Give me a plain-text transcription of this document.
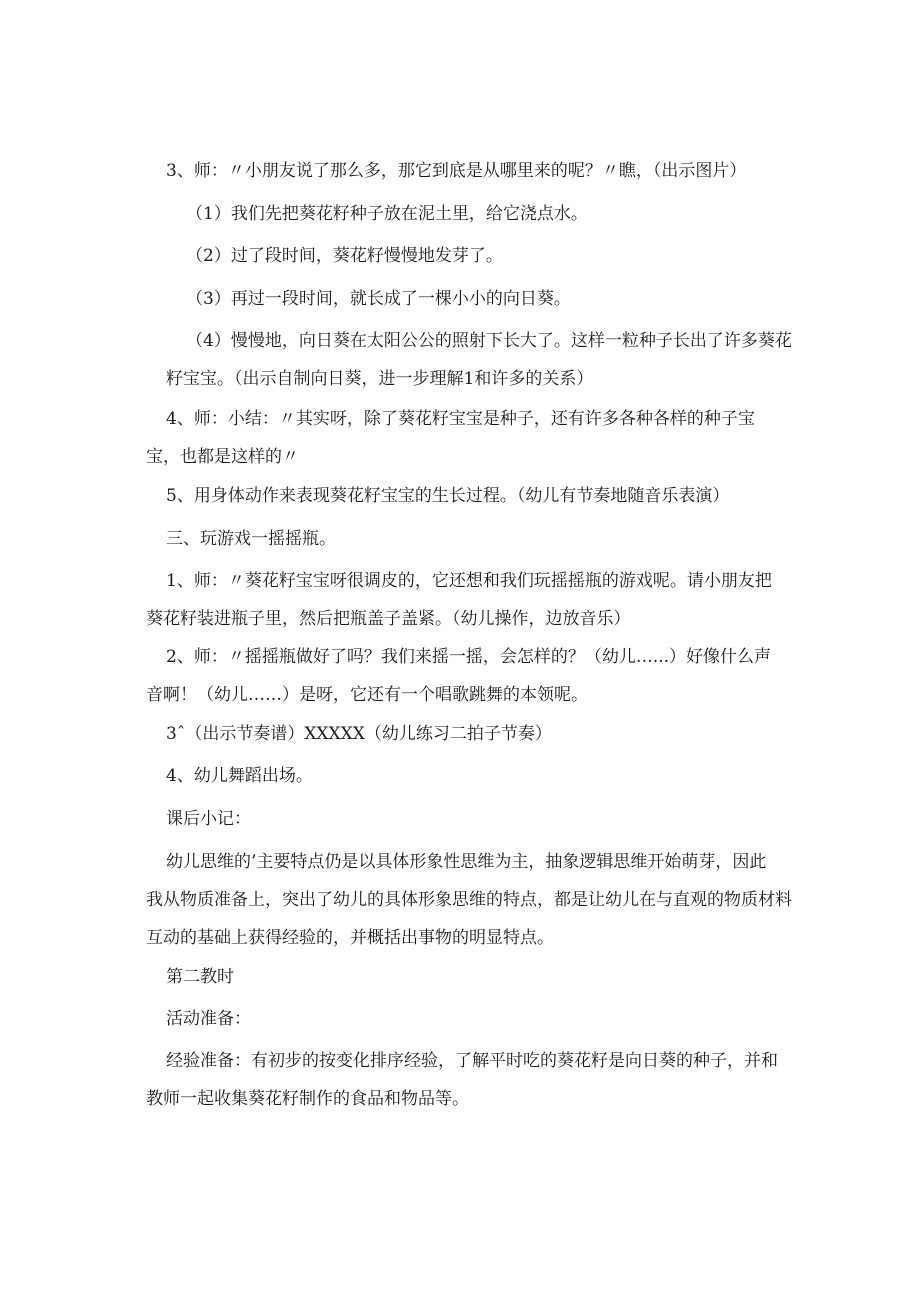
3、师：〃小朋友说了那么多，那它到底是从哪里来的呢？〃瞧，（出示图片）

（1）我们先把葵花籽种子放在泥土里，给它浇点水。

（2）过了段时间，葵花籽慢慢地发芽了。

（3）再过一段时间，就长成了一棵小小的向日葵。

（4）慢慢地，向日葵在太阳公公的照射下长大了。这样一粒种子长出了许多葵花
籽宝宝。（出示自制向日葵，进一步理解1和许多的关系）

4、师：小结：〃其实呀，除了葵花籽宝宝是种子，还有许多各种各样的种子宝
宝，也都是这样的〃

5、用身体动作来表现葵花籽宝宝的生长过程。（幼儿有节奏地随音乐表演）

三、玩游戏一摇摇瓶。

1、师：〃葵花籽宝宝呀很调皮的，它还想和我们玩摇摇瓶的游戏呢。请小朋友把
葵花籽装进瓶子里，然后把瓶盖子盖紧。（幼儿操作，边放音乐）

2、师：〃摇摇瓶做好了吗？我们来摇一摇，会怎样的？（幼儿…...）好像什么声
音啊！（幼儿……）是呀，它还有一个唱歌跳舞的本领呢。

3ˆ（出示节奏谱）XXXXX（幼儿练习二拍子节奏）

4、幼儿舞蹈出场。

课后小记：

幼儿思维的’主要特点仍是以具体形象性思维为主，抽象逻辑思维开始萌芽，因此
我从物质准备上，突出了幼儿的具体形象思维的特点，都是让幼儿在与直观的物质材料
互动的基础上获得经验的，并概括出事物的明显特点。

第二教时

活动准备：

经验准备：有初步的按变化排序经验，了解平时吃的葵花籽是向日葵的种子，并和
教师一起收集葵花籽制作的食品和物品等。
